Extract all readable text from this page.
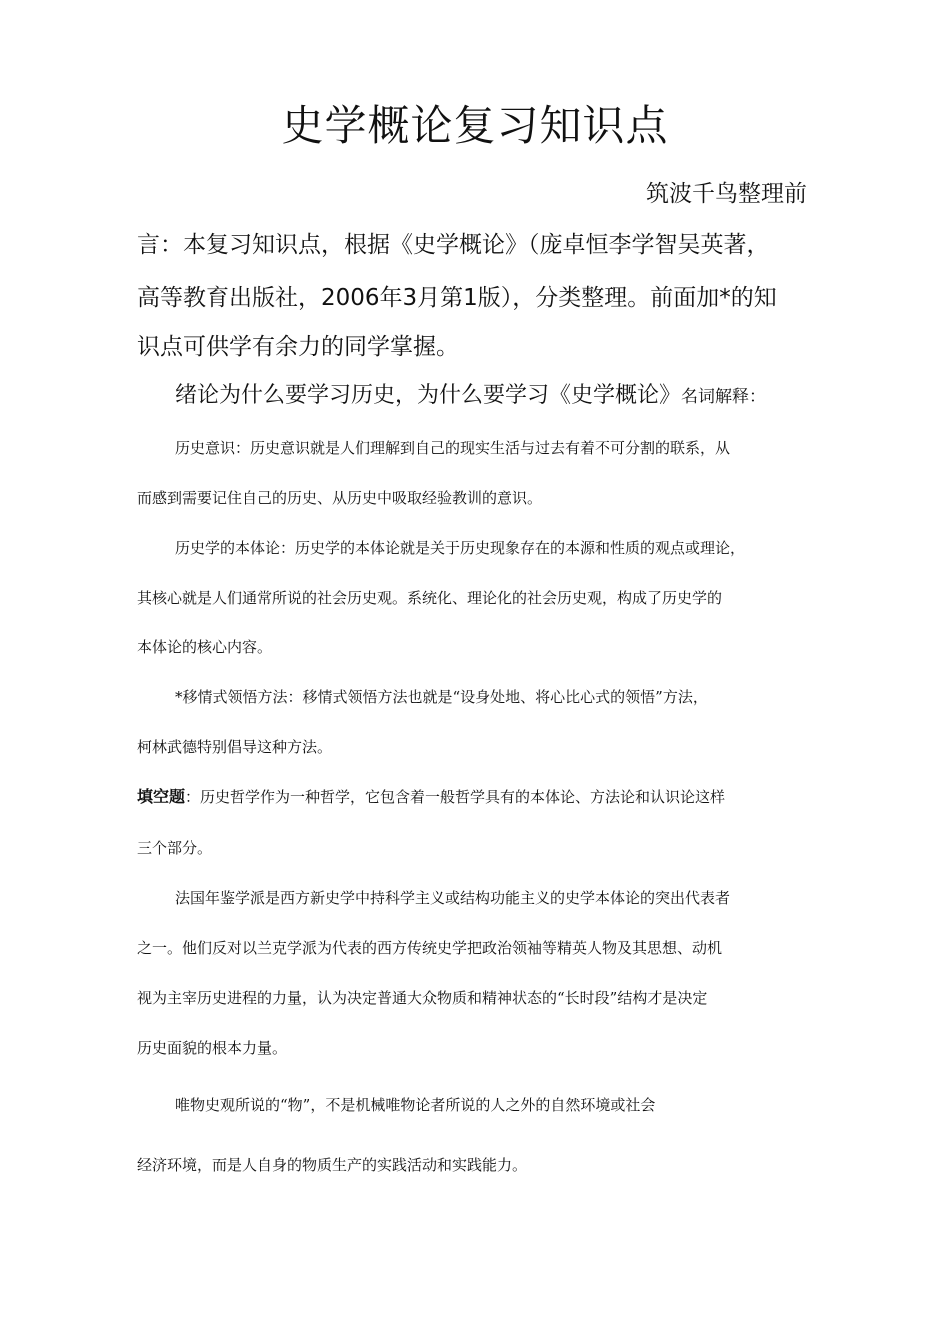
史学概论复习知识点
筑波千鸟整理前
言：本复习知识点，根据《史学概论》（庞卓恒李学智吴英著，
高等教育出版社，2006年3月第1版），分类整理。前面加*的知
识点可供学有余力的同学掌握。
绪论为什么要学习历史，为什么要学习《史学概论》名词解释：
历史意识：历史意识就是人们理解到自己的现实生活与过去有着不可分割的联系，从
而感到需要记住自己的历史、从历史中吸取经验教训的意识。
历史学的本体论：历史学的本体论就是关于历史现象存在的本源和性质的观点或理论，
其核心就是人们通常所说的社会历史观。系统化、理论化的社会历史观，构成了历史学的
本体论的核心内容。
*移情式领悟方法：移情式领悟方法也就是“设身处地、将心比心式的领悟”方法，
柯林武德特别倡导这种方法。
填空题：历史哲学作为一种哲学，它包含着一般哲学具有的本体论、方法论和认识论这样
三个部分。
法国年鉴学派是西方新史学中持科学主义或结构功能主义的史学本体论的突出代表者
之一。他们反对以兰克学派为代表的西方传统史学把政治领袖等精英人物及其思想、动机
视为主宰历史进程的力量，认为决定普通大众物质和精神状态的“长时段”结构才是决定
历史面貌的根本力量。
唯物史观所说的“物”，不是机械唯物论者所说的人之外的自然环境或社会
经济环境，而是人自身的物质生产的实践活动和实践能力。
